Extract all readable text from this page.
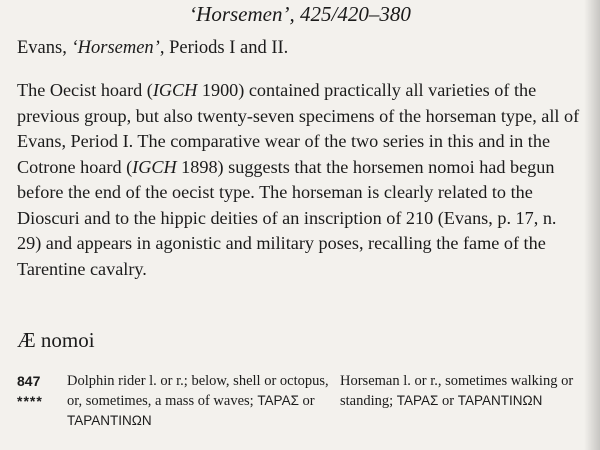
‘Horsemen’, 425/420–380
Evans, ‘Horsemen’, Periods I and II.

The Oecist hoard (IGCH 1900) contained practically all varieties of the previous group, but also twenty-seven specimens of the horseman type, all of Evans, Period I. The comparative wear of the two series in this and in the Cotrone hoard (IGCH 1898) suggests that the horsemen nomoi had begun before the end of the oecist type. The horseman is clearly related to the Dioscuri and to the hippic deities of an inscription of 210 (Evans, p. 17, n. 29) and appears in agonistic and military poses, recalling the fame of the Tarentine cavalry.

Æ nomoi
847
****
Dolphin rider l. or r.; below, shell or octopus, or, sometimes, a mass of waves; ΤΑΡΑΣ or ΤΑΡΑΝΤΙΝΩΝ
Horseman l. or r., sometimes walking or standing; ΤΑΡΑΣ or ΤΑΡΑΝΤΙΝΩΝ
